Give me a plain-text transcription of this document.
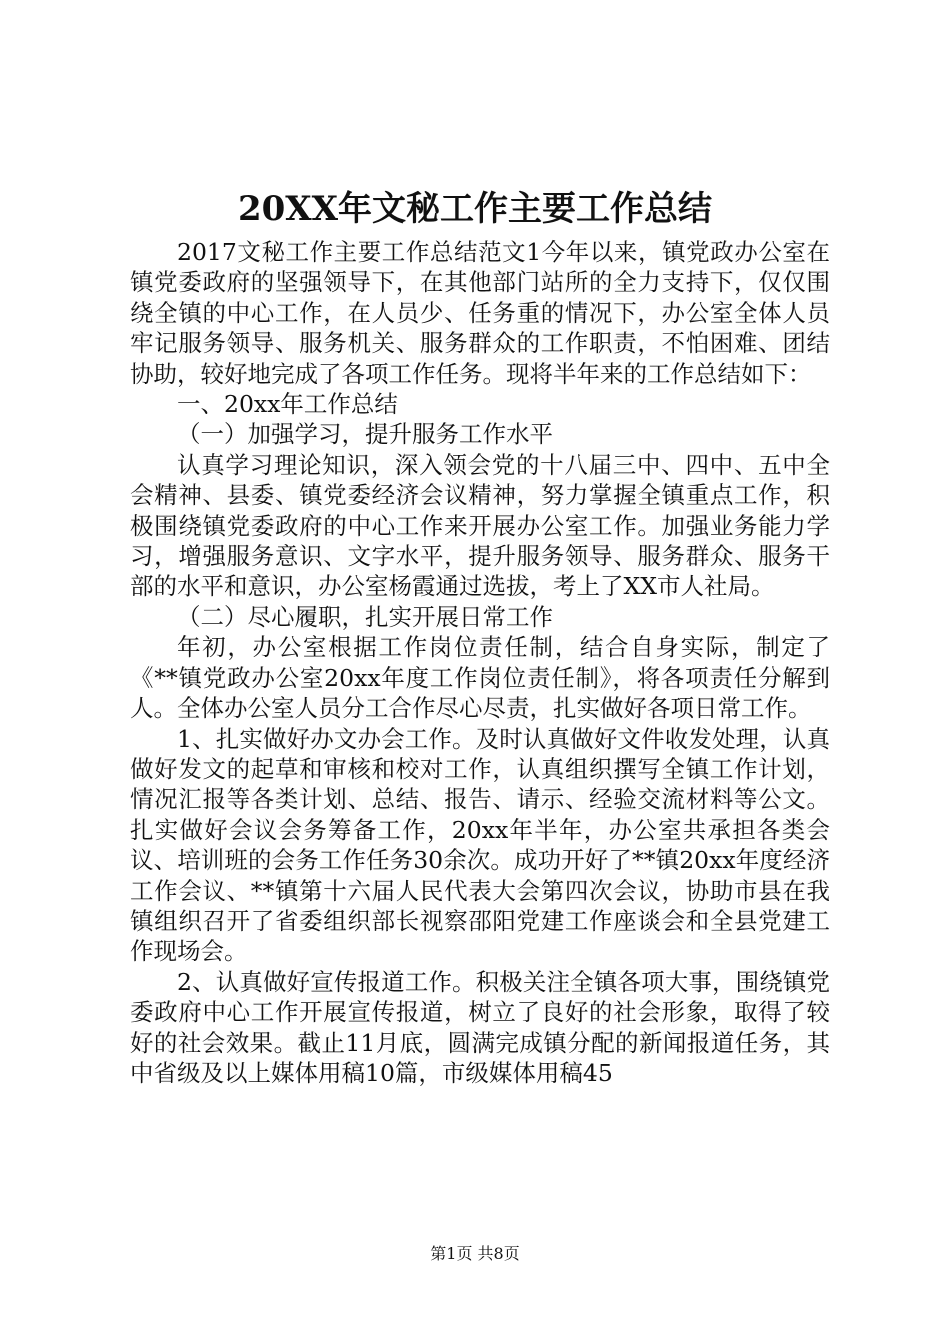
20XX年文秘工作主要工作总结

2017文秘工作主要工作总结范文1今年以来，镇党政办公室在镇党委政府的坚强领导下，在其他部门站所的全力支持下，仅仅围绕全镇的中心工作，在人员少、任务重的情况下，办公室全体人员牢记服务领导、服务机关、服务群众的工作职责，不怕困难、团结协助，较好地完成了各项工作任务。现将半年来的工作总结如下：

一、20xx年工作总结

（一）加强学习，提升服务工作水平

认真学习理论知识，深入领会党的十八届三中、四中、五中全会精神、县委、镇党委经济会议精神，努力掌握全镇重点工作，积极围绕镇党委政府的中心工作来开展办公室工作。加强业务能力学习，增强服务意识、文字水平，提升服务领导、服务群众、服务干部的水平和意识，办公室杨霞通过选拔，考上了XX市人社局。

（二）尽心履职，扎实开展日常工作

年初，办公室根据工作岗位责任制，结合自身实际，制定了《**镇党政办公室20xx年度工作岗位责任制》，将各项责任分解到人。全体办公室人员分工合作尽心尽责，扎实做好各项日常工作。

1、扎实做好办文办会工作。及时认真做好文件收发处理，认真做好发文的起草和审核和校对工作，认真组织撰写全镇工作计划，情况汇报等各类计划、总结、报告、请示、经验交流材料等公文。扎实做好会议会务筹备工作，20xx年半年，办公室共承担各类会议、培训班的会务工作任务30余次。成功开好了**镇20xx年度经济工作会议、**镇第十六届人民代表大会第四次会议，协助市县在我镇组织召开了省委组织部长视察邵阳党建工作座谈会和全县党建工作现场会。

2、认真做好宣传报道工作。积极关注全镇各项大事，围绕镇党委政府中心工作开展宣传报道，树立了良好的社会形象，取得了较好的社会效果。截止11月底，圆满完成镇分配的新闻报道任务，其中省级及以上媒体用稿10篇，市级媒体用稿45

第1页 共8页
